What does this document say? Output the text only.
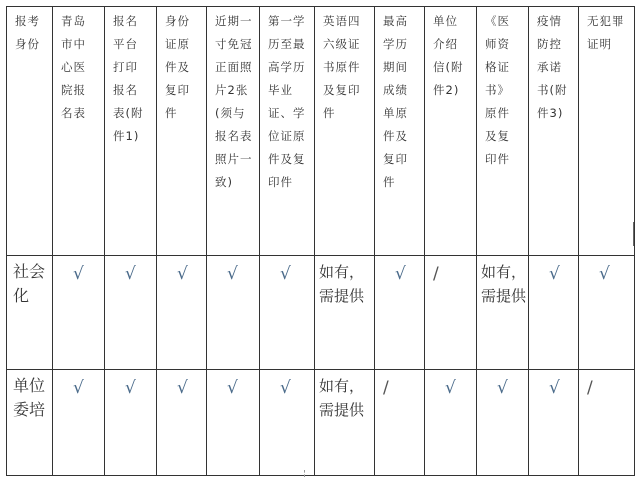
报考身份	青岛市中心医院报名表	报名平台打印报名表(附件1)	身份证原件及复印件	近期一寸免冠正面照片2张(须与报名表照片一致)	第一学历至最高学历毕业证、学位证原件及复印件	英语四六级证书原件及复印件	最高学历期间成绩单原件及复印件	单位介绍信(附件2)	《医师资格证书》原件及复印件	疫情防控承诺书(附件3)	无犯罪证明
社会化	√	√	√	√	√	如有，需提供	√	/	如有，需提供	√	√

单位委培	√	√	√	√	√	如有，需提供	/	√	√	√	/
